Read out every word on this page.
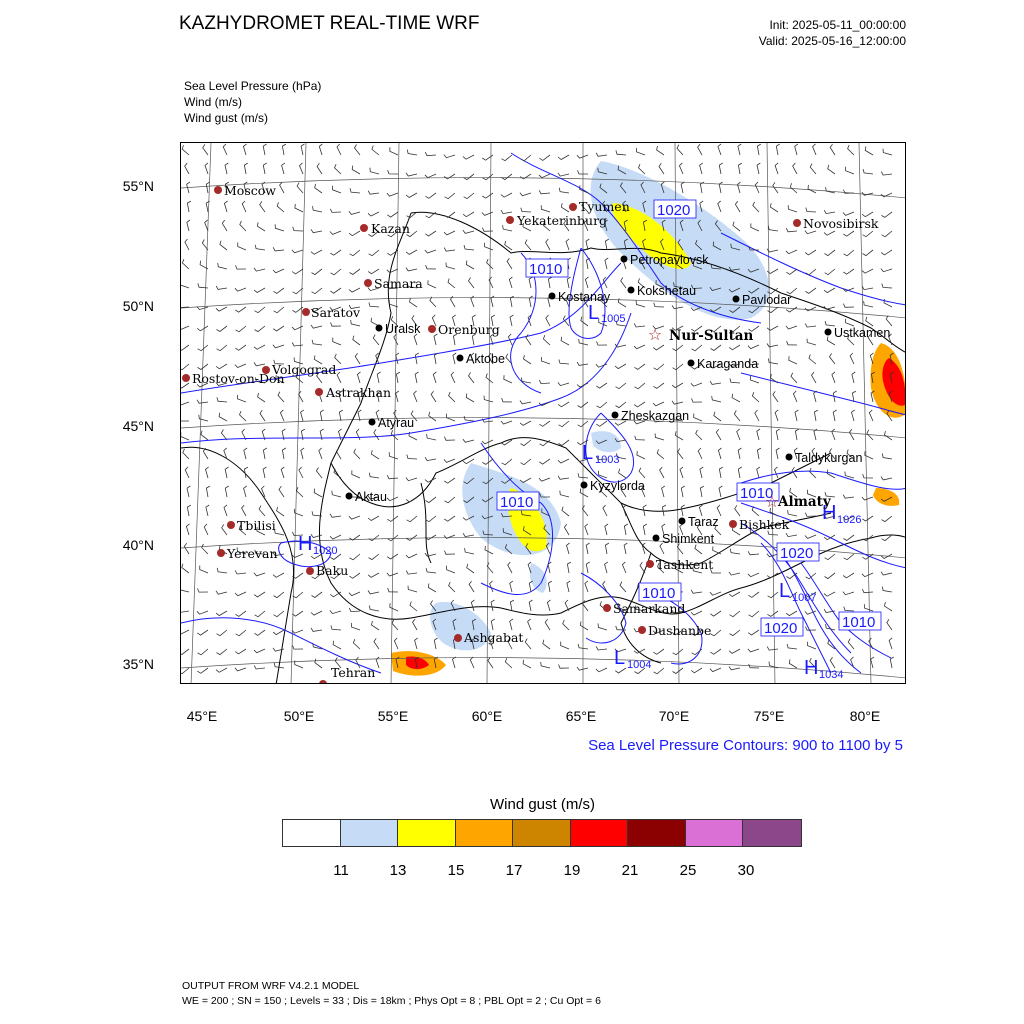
KAZHYDROMET REAL-TIME WRF	Init: 2025-05-11_00:00:00
Valid: 2025-05-16_12:00:00
Sea Level Pressure (hPa)
Wind (m/s)
Wind gust (m/s)
55°N
50°N
45°N
40°N
35°N
45°E	50°E	55°E	60°E	65°E	70°E	75°E	80°E
1020
1010
1010
1010
1010
1020
1010
1020
L 1005
L 1003
H 1020
H 1026
L 1007
L 1004	H 1034
Moscow
Kazan
Samara
Saratov
Volgograd
Rostov-on-Don
Astrakhan
Orenburg
Yekaterinburg
Tyumen
Novosibirsk
Tbilisi
Yerevan
Baku
Ashgabat
Tehran
Samarkand
Tashkent
Dushanbe
Bishkek
Uralsk
Aktobe
Atyrau
Aktau
Kostanay
Petropavlovsk
Kokshetau
Pavlodar
Ustkamen
Karaganda
Zheskazgan
Kyzylorda
Taldykurgan
Taraz
Shimkent
☆ Nur-Sultan
☆
Almaty
Sea Level Pressure Contours: 900 to 1100 by 5
Wind gust (m/s)
11	13	15	17	19	21	25	30
OUTPUT FROM WRF V4.2.1 MODEL
WE = 200 ; SN = 150 ; Levels = 33 ; Dis = 18km ; Phys Opt = 8 ; PBL Opt = 2 ; Cu Opt = 6
